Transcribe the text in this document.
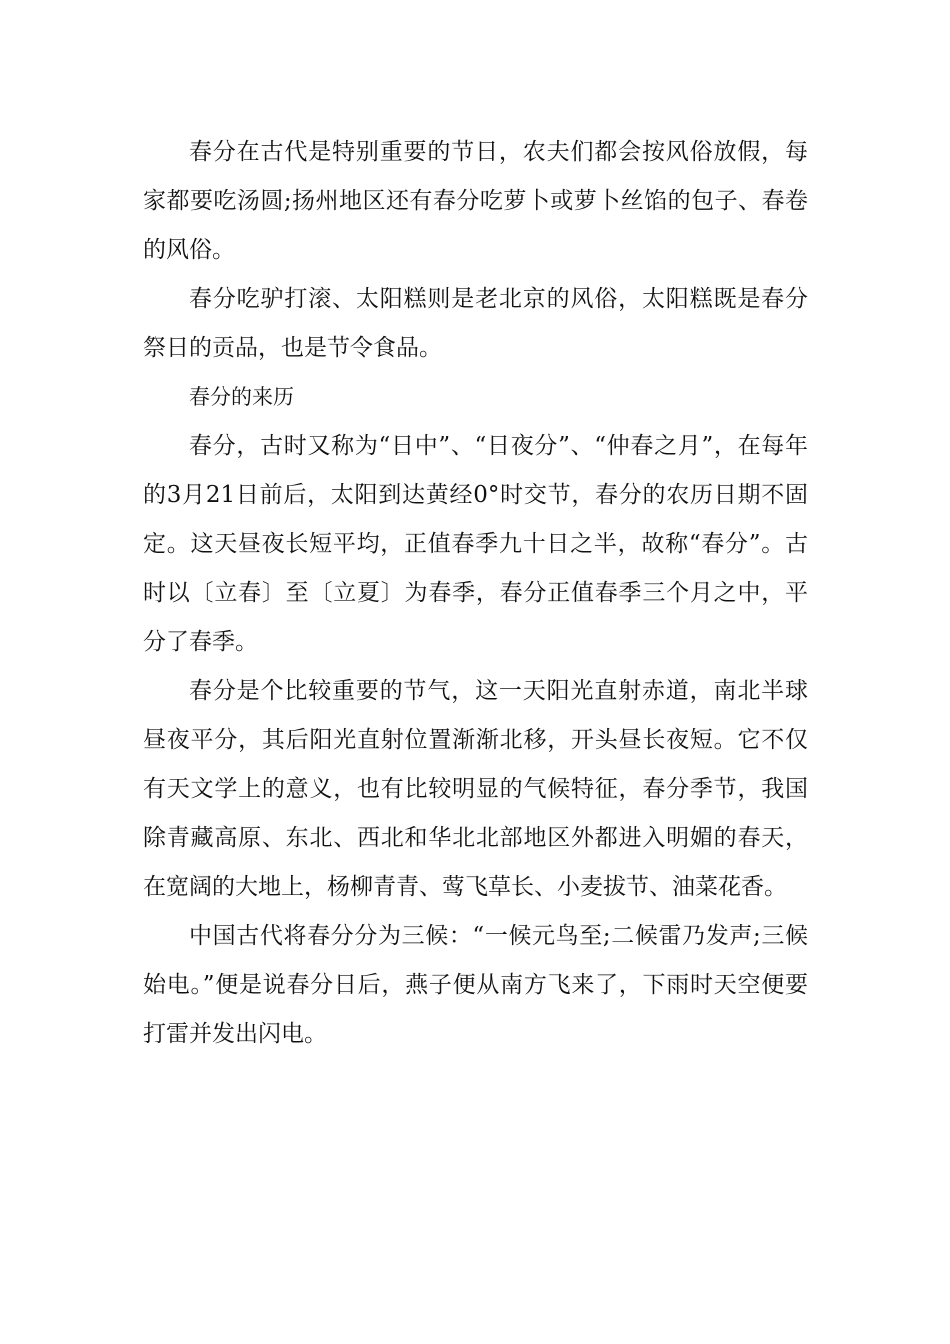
春分在古代是特别重要的节日，农夫们都会按风俗放假，每家都要吃汤圆;扬州地区还有春分吃萝卜或萝卜丝馅的包子、春卷的风俗。

春分吃驴打滚、太阳糕则是老北京的风俗，太阳糕既是春分祭日的贡品，也是节令食品。

春分的来历

春分，古时又称为“日中”、“日夜分”、“仲春之月”，在每年的3月21日前后，太阳到达黄经0°时交节，春分的农历日期不固定。这天昼夜长短平均，正值春季九十日之半，故称“春分”。古时以〔立春〕至〔立夏〕为春季，春分正值春季三个月之中，平分了春季。

春分是个比较重要的节气，这一天阳光直射赤道，南北半球昼夜平分，其后阳光直射位置渐渐北移，开头昼长夜短。它不仅有天文学上的意义，也有比较明显的气候特征，春分季节，我国除青藏高原、东北、西北和华北北部地区外都进入明媚的春天，在宽阔的大地上，杨柳青青、莺飞草长、小麦拔节、油菜花香。

中国古代将春分分为三候：“一候元鸟至;二候雷乃发声;三候始电。”便是说春分日后，燕子便从南方飞来了，下雨时天空便要打雷并发出闪电。
